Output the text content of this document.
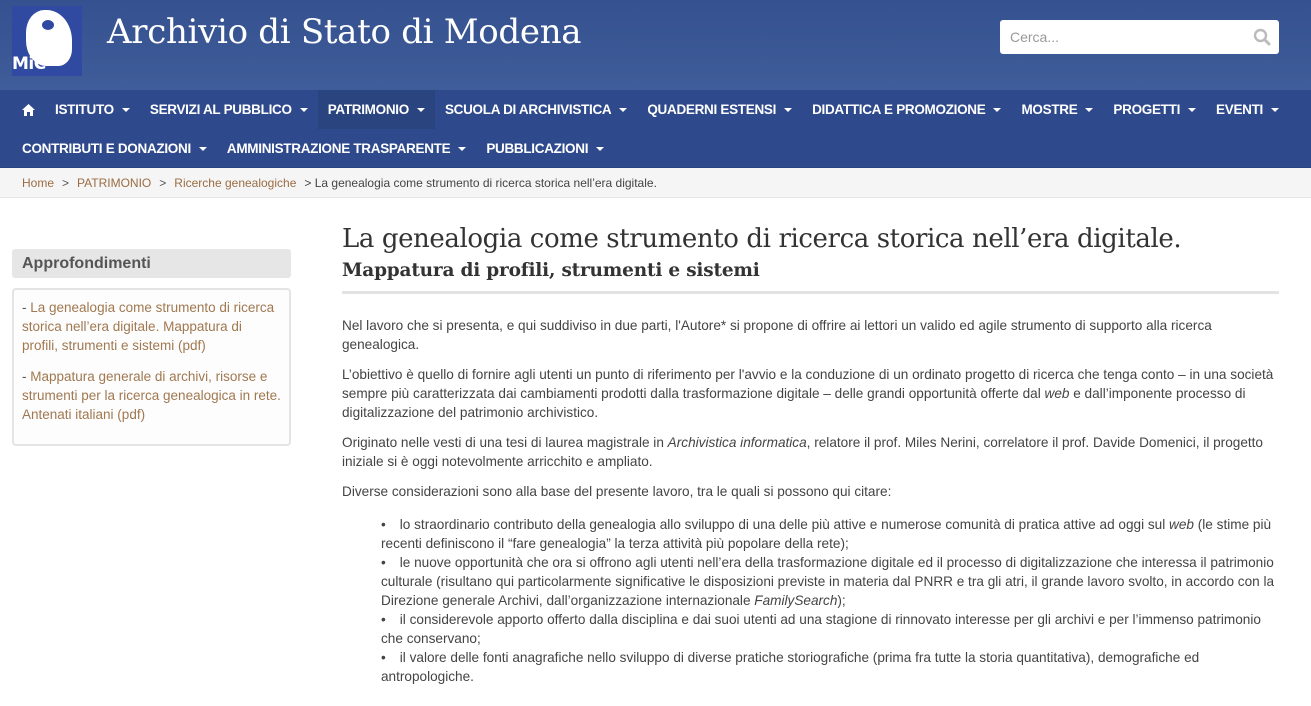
MiC
Archivio di Stato di Modena
Cerca...
ISTITUTO	SERVIZI AL PUBBLICO	PATRIMONIO	SCUOLA DI ARCHIVISTICA	QUADERNI ESTENSI	DIDATTICA E PROMOZIONE	MOSTRE	PROGETTI	EVENTI
CONTRIBUTI E DONAZIONI	AMMINISTRAZIONE TRASPARENTE	PUBBLICAZIONI
Home > PATRIMONIO > Ricerche genealogiche > La genealogia come strumento di ricerca storica nell’era digitale.
Approfondimenti

- La genealogia come strumento di ricerca storica nell’era digitale. Mappatura di profili, strumenti e sistemi (pdf)

- Mappatura generale di archivi, risorse e strumenti per la ricerca genealogica in rete. Antenati italiani (pdf)

La genealogia come strumento di ricerca storica nell’era digitale.
Mappatura di profili, strumenti e sistemi

Nel lavoro che si presenta, e qui suddiviso in due parti, l'Autore* si propone di offrire ai lettori un valido ed agile strumento di supporto alla ricerca genealogica.

L’obiettivo è quello di fornire agli utenti un punto di riferimento per l'avvio e la conduzione di un ordinato progetto di ricerca che tenga conto – in una società sempre più caratterizzata dai cambiamenti prodotti dalla trasformazione digitale – delle grandi opportunità offerte dal web e dall’imponente processo di digitalizzazione del patrimonio archivistico.

Originato nelle vesti di una tesi di laurea magistrale in Archivistica informatica, relatore il prof. Miles Nerini, correlatore il prof. Davide Domenici, il progetto iniziale si è oggi notevolmente arricchito e ampliato.

Diverse considerazioni sono alla base del presente lavoro, tra le quali si possono qui citare:

• lo straordinario contributo della genealogia allo sviluppo di una delle più attive e numerose comunità di pratica attive ad oggi sul web (le stime più recenti definiscono il “fare genealogia” la terza attività più popolare della rete);
• le nuove opportunità che ora si offrono agli utenti nell’era della trasformazione digitale ed il processo di digitalizzazione che interessa il patrimonio culturale (risultano qui particolarmente significative le disposizioni previste in materia dal PNRR e tra gli atri, il grande lavoro svolto, in accordo con la Direzione generale Archivi, dall’organizzazione internazionale FamilySearch);
• il considerevole apporto offerto dalla disciplina e dai suoi utenti ad una stagione di rinnovato interesse per gli archivi e per l’immenso patrimonio che conservano;
• il valore delle fonti anagrafiche nello sviluppo di diverse pratiche storiografiche (prima fra tutte la storia quantitativa), demografiche ed antropologiche.
